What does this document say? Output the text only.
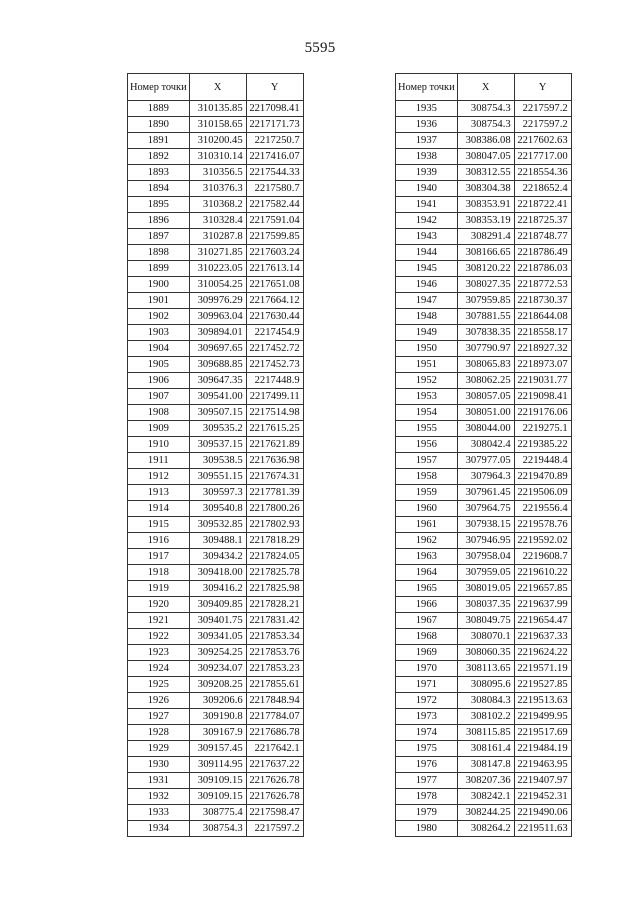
5595
Номер точки	X	Y
1889	310135.85	2217098.41
1890	310158.65	2217171.73
1891	310200.45	2217250.7
1892	310310.14	2217416.07
1893	310356.5	2217544.33
1894	310376.3	2217580.7
1895	310368.2	2217582.44
1896	310328.4	2217591.04
1897	310287.8	2217599.85
1898	310271.85	2217603.24
1899	310223.05	2217613.14
1900	310054.25	2217651.08
1901	309976.29	2217664.12
1902	309963.04	2217630.44
1903	309894.01	2217454.9
1904	309697.65	2217452.72
1905	309688.85	2217452.73
1906	309647.35	2217448.9
1907	309541.00	2217499.11
1908	309507.15	2217514.98
1909	309535.2	2217615.25
1910	309537.15	2217621.89
1911	309538.5	2217636.98
1912	309551.15	2217674.31
1913	309597.3	2217781.39
1914	309540.8	2217800.26
1915	309532.85	2217802.93
1916	309488.1	2217818.29
1917	309434.2	2217824.05
1918	309418.00	2217825.78
1919	309416.2	2217825.98
1920	309409.85	2217828.21
1921	309401.75	2217831.42
1922	309341.05	2217853.34
1923	309254.25	2217853.76
1924	309234.07	2217853.23
1925	309208.25	2217855.61
1926	309206.6	2217848.94
1927	309190.8	2217784.07
1928	309167.9	2217686.78
1929	309157.45	2217642.1
1930	309114.95	2217637.22
1931	309109.15	2217626.78
1932	309109.15	2217626.78
1933	308775.4	2217598.47
1934	308754.3	2217597.2
Номер точки	X	Y
1935	308754.3	2217597.2
1936	308754.3	2217597.2
1937	308386.08	2217602.63
1938	308047.05	2217717.00
1939	308312.55	2218554.36
1940	308304.38	2218652.4
1941	308353.91	2218722.41
1942	308353.19	2218725.37
1943	308291.4	2218748.77
1944	308166.65	2218786.49
1945	308120.22	2218786.03
1946	308027.35	2218772.53
1947	307959.85	2218730.37
1948	307881.55	2218644.08
1949	307838.35	2218558.17
1950	307790.97	2218927.32
1951	308065.83	2218973.07
1952	308062.25	2219031.77
1953	308057.05	2219098.41
1954	308051.00	2219176.06
1955	308044.00	2219275.1
1956	308042.4	2219385.22
1957	307977.05	2219448.4
1958	307964.3	2219470.89
1959	307961.45	2219506.09
1960	307964.75	2219556.4
1961	307938.15	2219578.76
1962	307946.95	2219592.02
1963	307958.04	2219608.7
1964	307959.05	2219610.22
1965	308019.05	2219657.85
1966	308037.35	2219637.99
1967	308049.75	2219654.47
1968	308070.1	2219637.33
1969	308060.35	2219624.22
1970	308113.65	2219571.19
1971	308095.6	2219527.85
1972	308084.3	2219513.63
1973	308102.2	2219499.95
1974	308115.85	2219517.69
1975	308161.4	2219484.19
1976	308147.8	2219463.95
1977	308207.36	2219407.97
1978	308242.1	2219452.31
1979	308244.25	2219490.06
1980	308264.2	2219511.63
